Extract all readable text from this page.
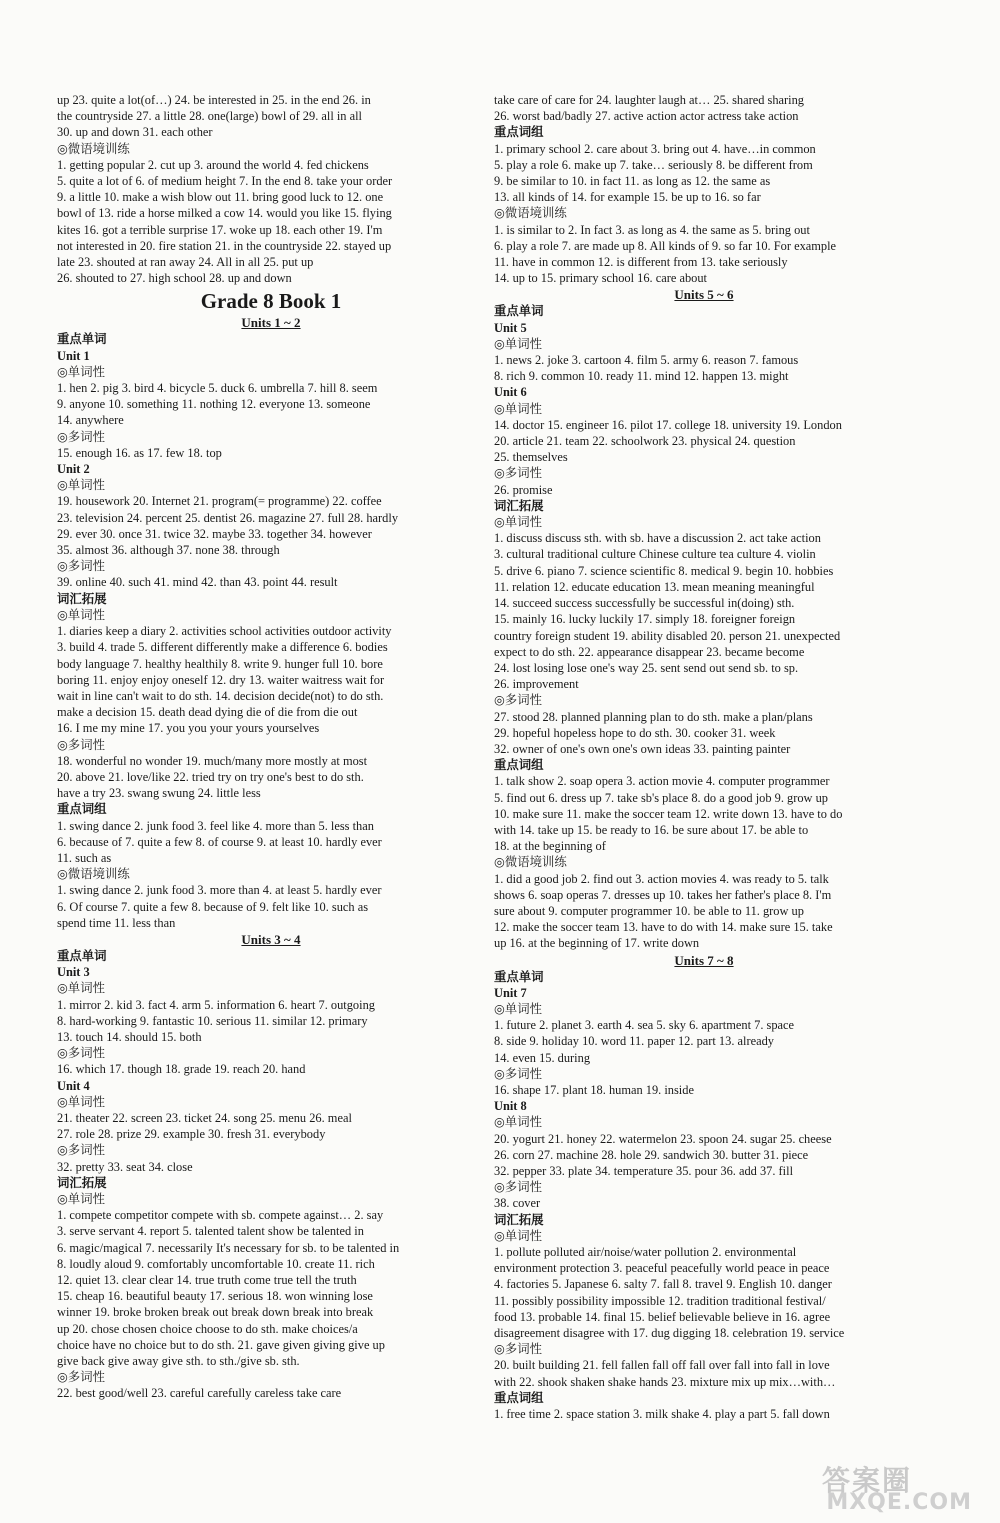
up 23. quite a lot(of…) 24. be interested in 25. in the end 26. in
the countryside 27. a little 28. one(large) bowl of 29. all in all
30. up and down 31. each other
◎微语境训练
1. getting popular 2. cut up 3. around the world 4. fed chickens
5. quite a lot of 6. of medium height 7. In the end 8. take your order
9. a little 10. make a wish blow out 11. bring good luck to 12. one
bowl of 13. ride a horse milked a cow 14. would you like 15. flying
kites 16. got a terrible surprise 17. woke up 18. each other 19. I'm
not interested in 20. fire station 21. in the countryside 22. stayed up
late 23. shouted at ran away 24. All in all 25. put up
26. shouted to 27. high school 28. up and down
Grade 8 Book 1
Units 1 ~ 2
重点单词
Unit 1
◎单词性
1. hen 2. pig 3. bird 4. bicycle 5. duck 6. umbrella 7. hill 8. seem
9. anyone 10. something 11. nothing 12. everyone 13. someone
14. anywhere
◎多词性
15. enough 16. as 17. few 18. top
Unit 2
◎单词性
19. housework 20. Internet 21. program(= programme) 22. coffee
23. television 24. percent 25. dentist 26. magazine 27. full 28. hardly
29. ever 30. once 31. twice 32. maybe 33. together 34. however
35. almost 36. although 37. none 38. through
◎多词性
39. online 40. such 41. mind 42. than 43. point 44. result
词汇拓展
◎单词性
1. diaries keep a diary 2. activities school activities outdoor activity
3. build 4. trade 5. different differently make a difference 6. bodies
body language 7. healthy healthily 8. write 9. hunger full 10. bore
boring 11. enjoy enjoy oneself 12. dry 13. waiter waitress wait for
wait in line can't wait to do sth. 14. decision decide(not) to do sth.
make a decision 15. death dead dying die of die from die out
16. I me my mine 17. you you your yours yourselves
◎多词性
18. wonderful no wonder 19. much/many more mostly at most
20. above 21. love/like 22. tried try on try one's best to do sth.
have a try 23. swang swung 24. little less
重点词组
1. swing dance 2. junk food 3. feel like 4. more than 5. less than
6. because of 7. quite a few 8. of course 9. at least 10. hardly ever
11. such as
◎微语境训练
1. swing dance 2. junk food 3. more than 4. at least 5. hardly ever
6. Of course 7. quite a few 8. because of 9. felt like 10. such as
spend time 11. less than
Units 3 ~ 4
重点单词
Unit 3
◎单词性
1. mirror 2. kid 3. fact 4. arm 5. information 6. heart 7. outgoing
8. hard-working 9. fantastic 10. serious 11. similar 12. primary
13. touch 14. should 15. both
◎多词性
16. which 17. though 18. grade 19. reach 20. hand
Unit 4
◎单词性
21. theater 22. screen 23. ticket 24. song 25. menu 26. meal
27. role 28. prize 29. example 30. fresh 31. everybody
◎多词性
32. pretty 33. seat 34. close
词汇拓展
◎单词性
1. compete competitor compete with sb. compete against… 2. say
3. serve servant 4. report 5. talented talent show be talented in
6. magic/magical 7. necessarily It's necessary for sb. to be talented in
8. loudly aloud 9. comfortably uncomfortable 10. create 11. rich
12. quiet 13. clear clear 14. true truth come true tell the truth
15. cheap 16. beautiful beauty 17. serious 18. won winning lose
winner 19. broke broken break out break down break into break
up 20. chose chosen choice choose to do sth. make choices/a
choice have no choice but to do sth. 21. gave given giving give up
give back give away give sth. to sth./give sb. sth.
◎多词性
22. best good/well 23. careful carefully careless take care
take care of care for 24. laughter laugh at… 25. shared sharing
26. worst bad/badly 27. active action actor actress take action
重点词组
1. primary school 2. care about 3. bring out 4. have…in common
5. play a role 6. make up 7. take… seriously 8. be different from
9. be similar to 10. in fact 11. as long as 12. the same as
13. all kinds of 14. for example 15. be up to 16. so far
◎微语境训练
1. is similar to 2. In fact 3. as long as 4. the same as 5. bring out
6. play a role 7. are made up 8. All kinds of 9. so far 10. For example
11. have in common 12. is different from 13. take seriously
14. up to 15. primary school 16. care about
Units 5 ~ 6
重点单词
Unit 5
◎单词性
1. news 2. joke 3. cartoon 4. film 5. army 6. reason 7. famous
8. rich 9. common 10. ready 11. mind 12. happen 13. might
Unit 6
◎单词性
14. doctor 15. engineer 16. pilot 17. college 18. university 19. London
20. article 21. team 22. schoolwork 23. physical 24. question
25. themselves
◎多词性
26. promise
词汇拓展
◎单词性
1. discuss discuss sth. with sb. have a discussion 2. act take action
3. cultural traditional culture Chinese culture tea culture 4. violin
5. drive 6. piano 7. science scientific 8. medical 9. begin 10. hobbies
11. relation 12. educate education 13. mean meaning meaningful
14. succeed success successfully be successful in(doing) sth.
15. mainly 16. lucky luckily 17. simply 18. foreigner foreign
country foreign student 19. ability disabled 20. person 21. unexpected
expect to do sth. 22. appearance disappear 23. became become
24. lost losing lose one's way 25. sent send out send sb. to sp.
26. improvement
◎多词性
27. stood 28. planned planning plan to do sth. make a plan/plans
29. hopeful hopeless hope to do sth. 30. cooker 31. week
32. owner of one's own one's own ideas 33. painting painter
重点词组
1. talk show 2. soap opera 3. action movie 4. computer programmer
5. find out 6. dress up 7. take sb's place 8. do a good job 9. grow up
10. make sure 11. make the soccer team 12. write down 13. have to do
with 14. take up 15. be ready to 16. be sure about 17. be able to
18. at the beginning of
◎微语境训练
1. did a good job 2. find out 3. action movies 4. was ready to 5. talk
shows 6. soap operas 7. dresses up 10. takes her father's place 8. I'm
sure about 9. computer programmer 10. be able to 11. grow up
12. make the soccer team 13. have to do with 14. make sure 15. take
up 16. at the beginning of 17. write down
Units 7 ~ 8
重点单词
Unit 7
◎单词性
1. future 2. planet 3. earth 4. sea 5. sky 6. apartment 7. space
8. side 9. holiday 10. word 11. paper 12. part 13. already
14. even 15. during
◎多词性
16. shape 17. plant 18. human 19. inside
Unit 8
◎单词性
20. yogurt 21. honey 22. watermelon 23. spoon 24. sugar 25. cheese
26. corn 27. machine 28. hole 29. sandwich 30. butter 31. piece
32. pepper 33. plate 34. temperature 35. pour 36. add 37. fill
◎多词性
38. cover
词汇拓展
◎单词性
1. pollute polluted air/noise/water pollution 2. environmental
environment protection 3. peaceful peacefully world peace in peace
4. factories 5. Japanese 6. salty 7. fall 8. travel 9. English 10. danger
11. possibly possibility impossible 12. tradition traditional festival/
food 13. probable 14. final 15. belief believable believe in 16. agree
disagreement disagree with 17. dug digging 18. celebration 19. service
◎多词性
20. built building 21. fell fallen fall off fall over fall into fall in love
with 22. shook shaken shake hands 23. mixture mix up mix…with…
重点词组
1. free time 2. space station 3. milk shake 4. play a part 5. fall down
答案圈
MXQE.COM
